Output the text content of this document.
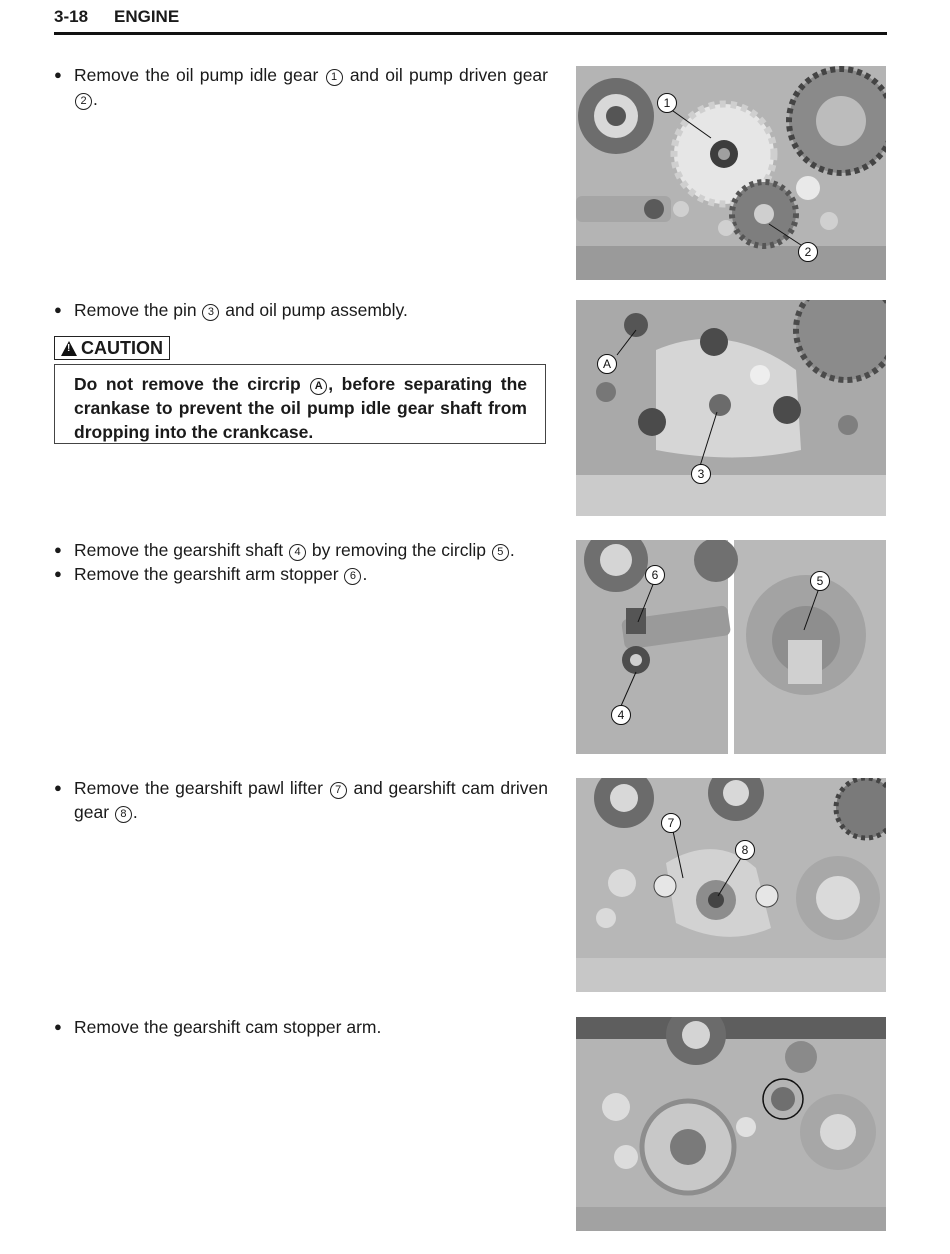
3-18 ENGINE
● Remove the oil pump idle gear 1 and oil pump driven gear 2 .
● Remove the pin 3 and oil pump assembly.
!CAUTION
Do not remove the circrip A , before separating the crankase to prevent the oil pump idle gear shaft from dropping into the crankcase.
● Remove the gearshift shaft 4 by removing the circlip 5 .
● Remove the gearshift arm stopper 6 .
● Remove the gearshift pawl lifter 7 and gearshift cam driven gear 8 .
● Remove the gearshift cam stopper arm.
1
2
A
3
6
4
5
7
8
